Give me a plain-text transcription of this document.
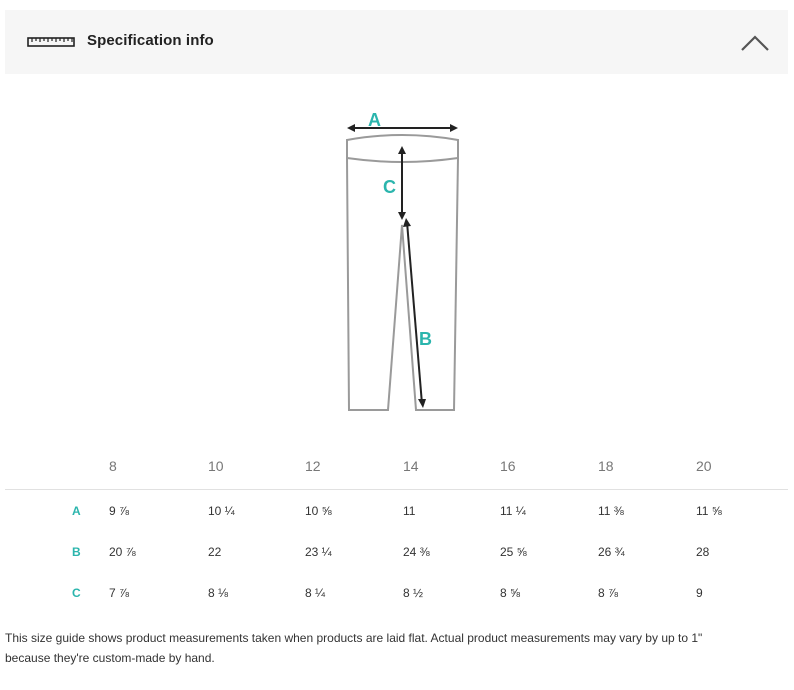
Specification info
A
C
B
8	10	12	14	16	18	20
A 9 ⅞	10 ¼	10 ⅝	11	11 ¼	11 ⅜	11 ⅝
B 20 ⅞	22	23 ¼	24 ⅜	25 ⅝	26 ¾	28
C 7 ⅞	8 ⅛	8 ¼	8 ½	8 ⅝	8 ⅞	9
This size guide shows product measurements taken when products are laid flat. Actual product measurements may vary by up to 1"
because they're custom-made by hand.
